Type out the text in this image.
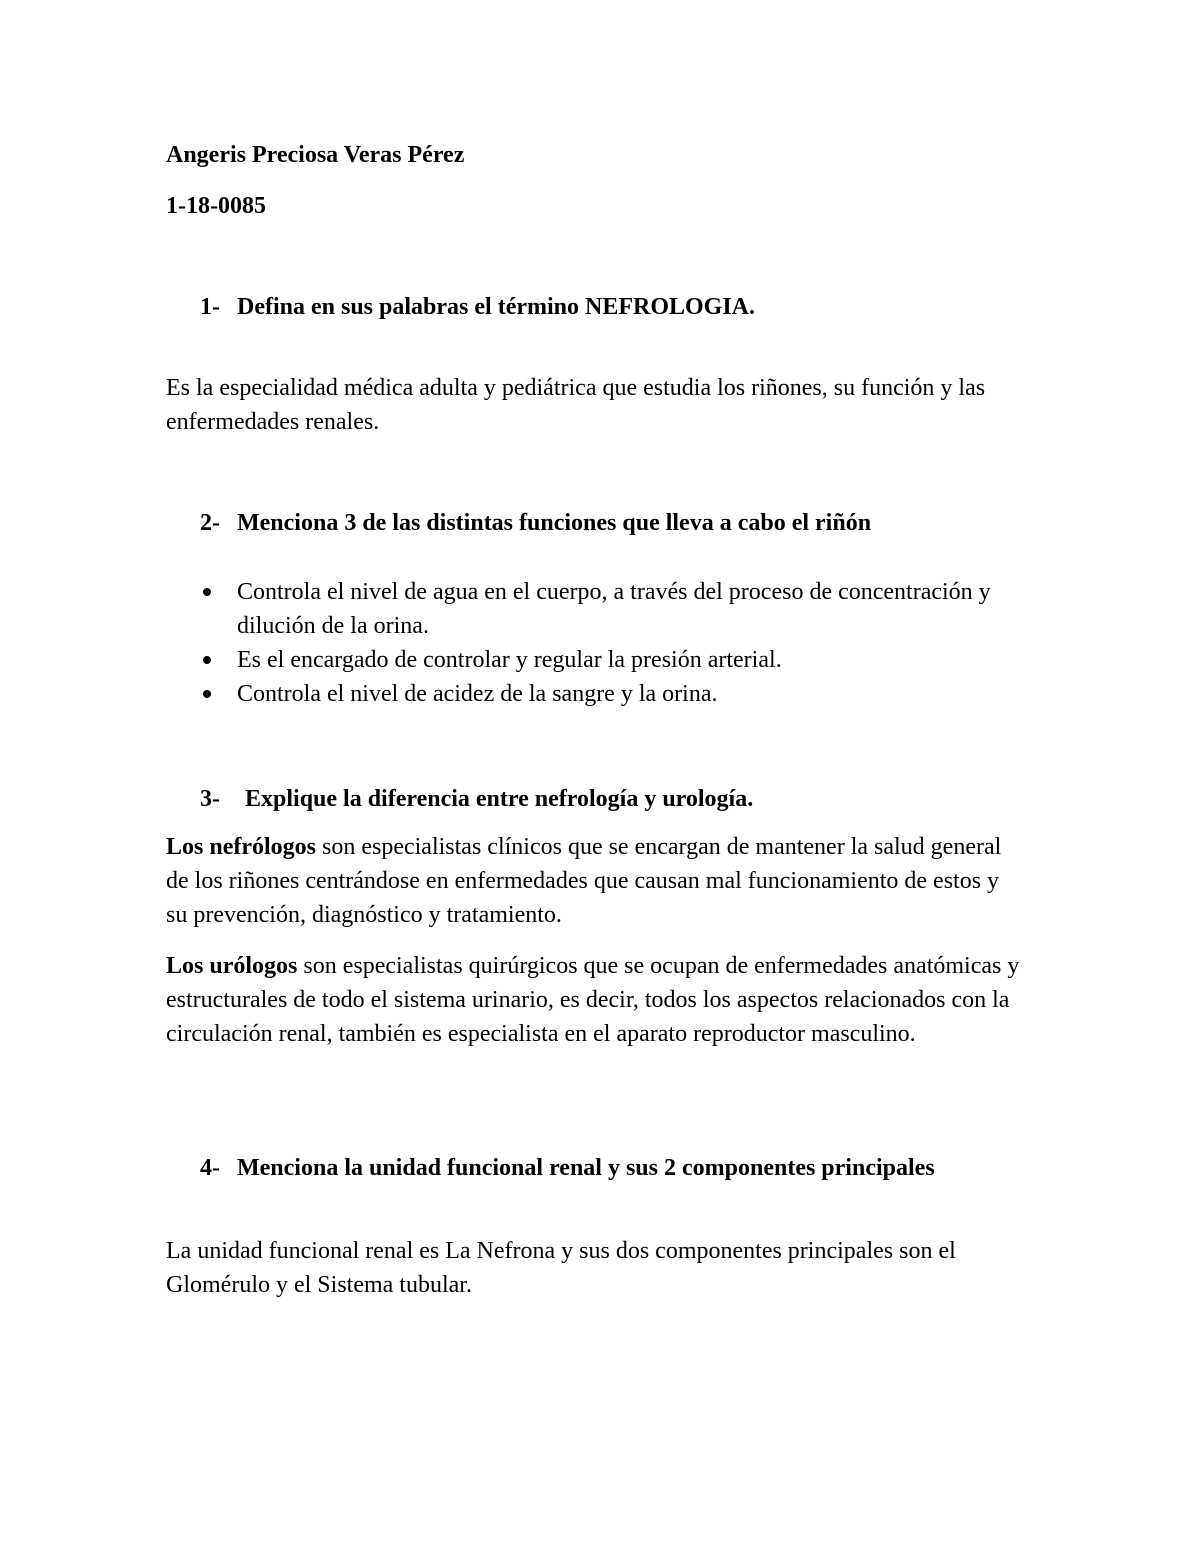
Angeris Preciosa Veras Pérez

1-18-0085

1- Defina en sus palabras el término NEFROLOGIA.

Es la especialidad médica adulta y pediátrica que estudia los riñones, su función y las enfermedades renales.

2- Menciona 3 de las distintas funciones que lleva a cabo el riñón

Controla el nivel de agua en el cuerpo, a través del proceso de concentración y dilución de la orina.
Es el encargado de controlar y regular la presión arterial.
Controla el nivel de acidez de la sangre y la orina.

3- Explique la diferencia entre nefrología y urología.

Los nefrólogos son especialistas clínicos que se encargan de mantener la salud general de los riñones centrándose en enfermedades que causan mal funcionamiento de estos y su prevención, diagnóstico y tratamiento.

Los urólogos son especialistas quirúrgicos que se ocupan de enfermedades anatómicas y estructurales de todo el sistema urinario, es decir, todos los aspectos relacionados con la circulación renal, también es especialista en el aparato reproductor masculino.

4- Menciona la unidad funcional renal y sus 2 componentes principales

La unidad funcional renal es La Nefrona y sus dos componentes principales son el Glomérulo y el Sistema tubular.
